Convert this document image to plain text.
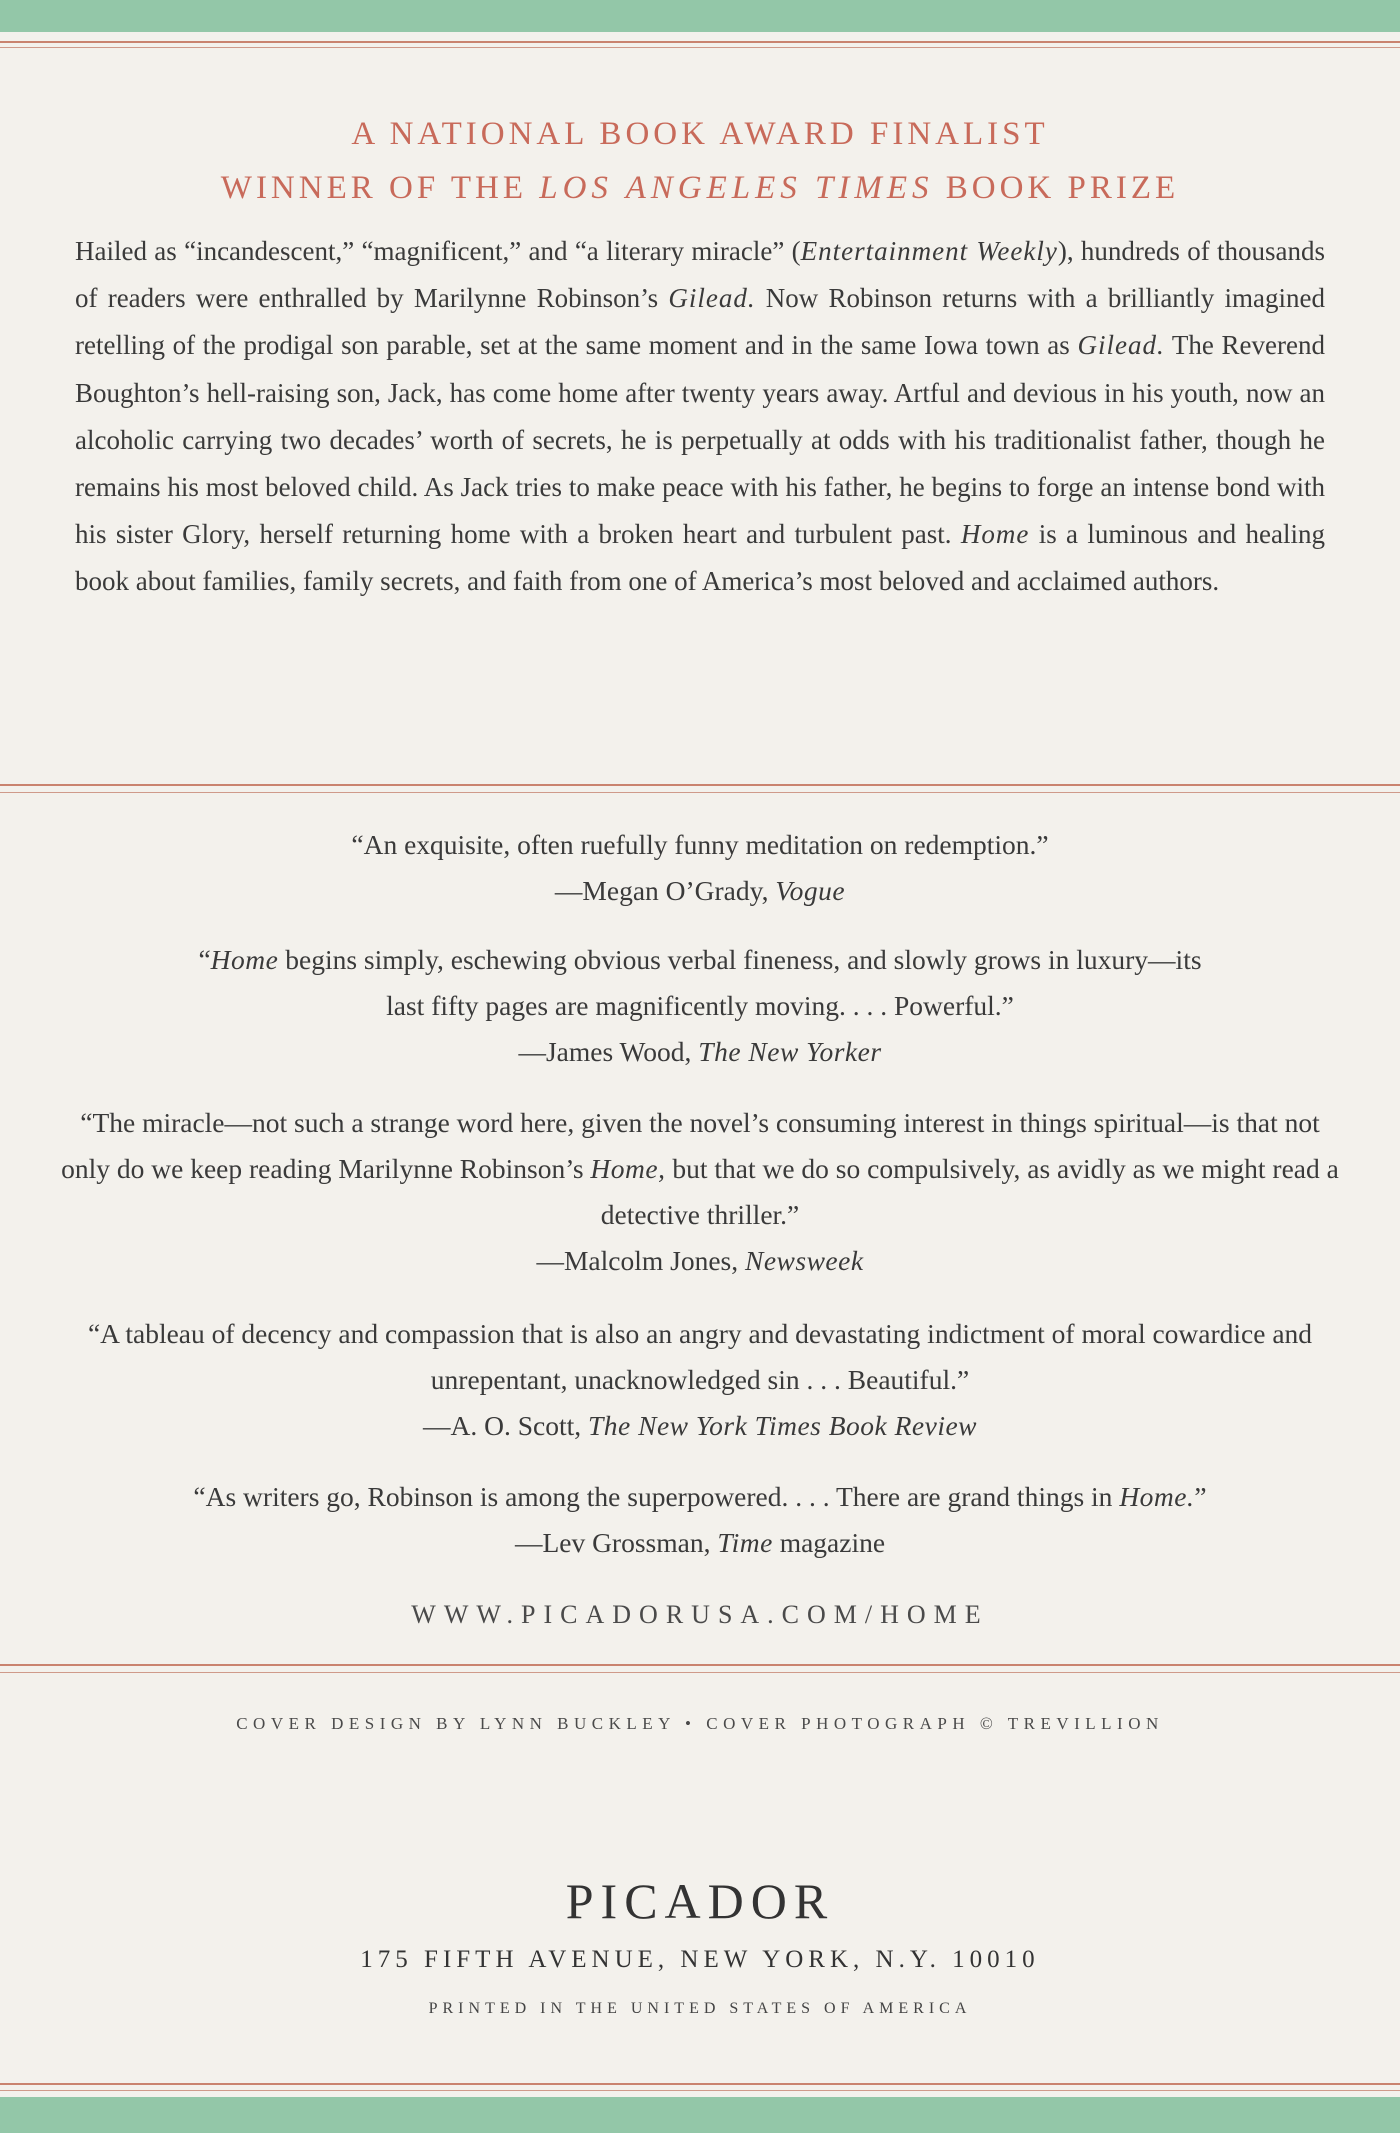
A NATIONAL BOOK AWARD FINALIST
WINNER OF THE LOS ANGELES TIMES BOOK PRIZE
Hailed as “incandescent,” “magnificent,” and “a literary miracle” (Entertainment Weekly), hundreds of thousands of readers were enthralled by Marilynne Robinson’s Gilead. Now Robinson returns with a brilliantly imagined retelling of the prodigal son parable, set at the same moment and in the same Iowa town as Gilead. The Reverend Boughton’s hell-raising son, Jack, has come home after twenty years away. Artful and devious in his youth, now an alcoholic carrying two decades’ worth of secrets, he is perpetually at odds with his traditionalist father, though he remains his most beloved child. As Jack tries to make peace with his father, he begins to forge an intense bond with his sister Glory, herself returning home with a broken heart and turbulent past. Home is a luminous and healing book about families, family secrets, and faith from one of America’s most beloved and acclaimed authors.
“An exquisite, often ruefully funny meditation on redemption.”
—Megan O’Grady, Vogue
“Home begins simply, eschewing obvious verbal fineness, and slowly grows in luxury—its last fifty pages are magnificently moving. . . . Powerful.”
—James Wood, The New Yorker
“The miracle—not such a strange word here, given the novel’s consuming interest in things spiritual—is that not only do we keep reading Marilynne Robinson’s Home, but that we do so compulsively, as avidly as we might read a detective thriller.”
—Malcolm Jones, Newsweek
“A tableau of decency and compassion that is also an angry and devastating indictment of moral cowardice and unrepentant, unacknowledged sin . . . Beautiful.”
—A. O. Scott, The New York Times Book Review
“As writers go, Robinson is among the superpowered. . . . There are grand things in Home.”
—Lev Grossman, Time magazine
WWW.PICADORUSA.COM/HOME
COVER DESIGN BY LYNN BUCKLEY • COVER PHOTOGRAPH © TREVILLION
PICADOR
175 FIFTH AVENUE, NEW YORK, N.Y. 10010
PRINTED IN THE UNITED STATES OF AMERICA
